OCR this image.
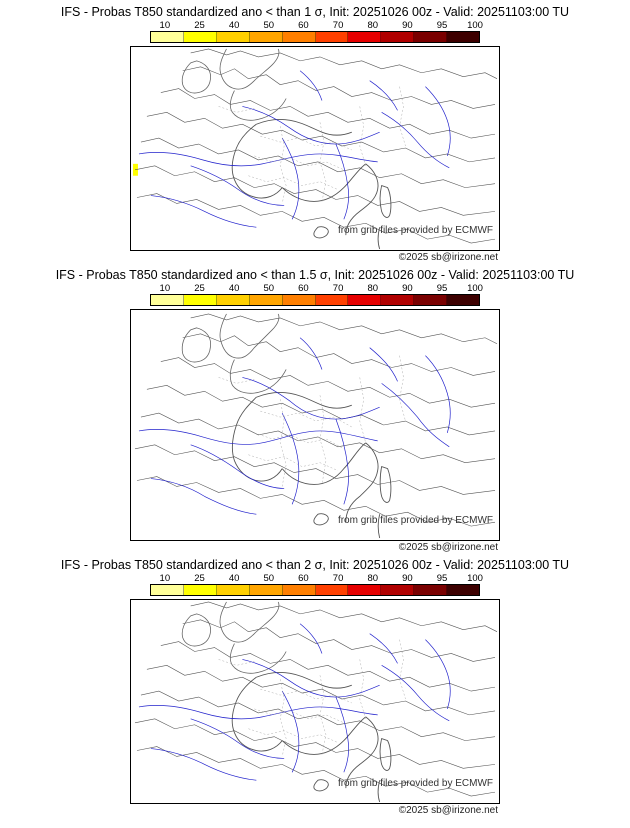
IFS - Probas T850 standardized ano < than 1 σ, Init: 20251026 00z - Valid: 20251103:00 TU
10	25	40	50	60	70	80	90	95 100
from grib files provided by ECMWF
©2025 sb@irizone.net
IFS - Probas T850 standardized ano < than 1.5 σ, Init: 20251026 00z - Valid: 20251103:00 TU
10	25	40	50	60	70	80	90	95 100
from grib files provided by ECMWF
©2025 sb@irizone.net
IFS - Probas T850 standardized ano < than 2 σ, Init: 20251026 00z - Valid: 20251103:00 TU
10	25	40	50	60	70	80	90	95 100
from grib files provided by ECMWF
©2025 sb@irizone.net
